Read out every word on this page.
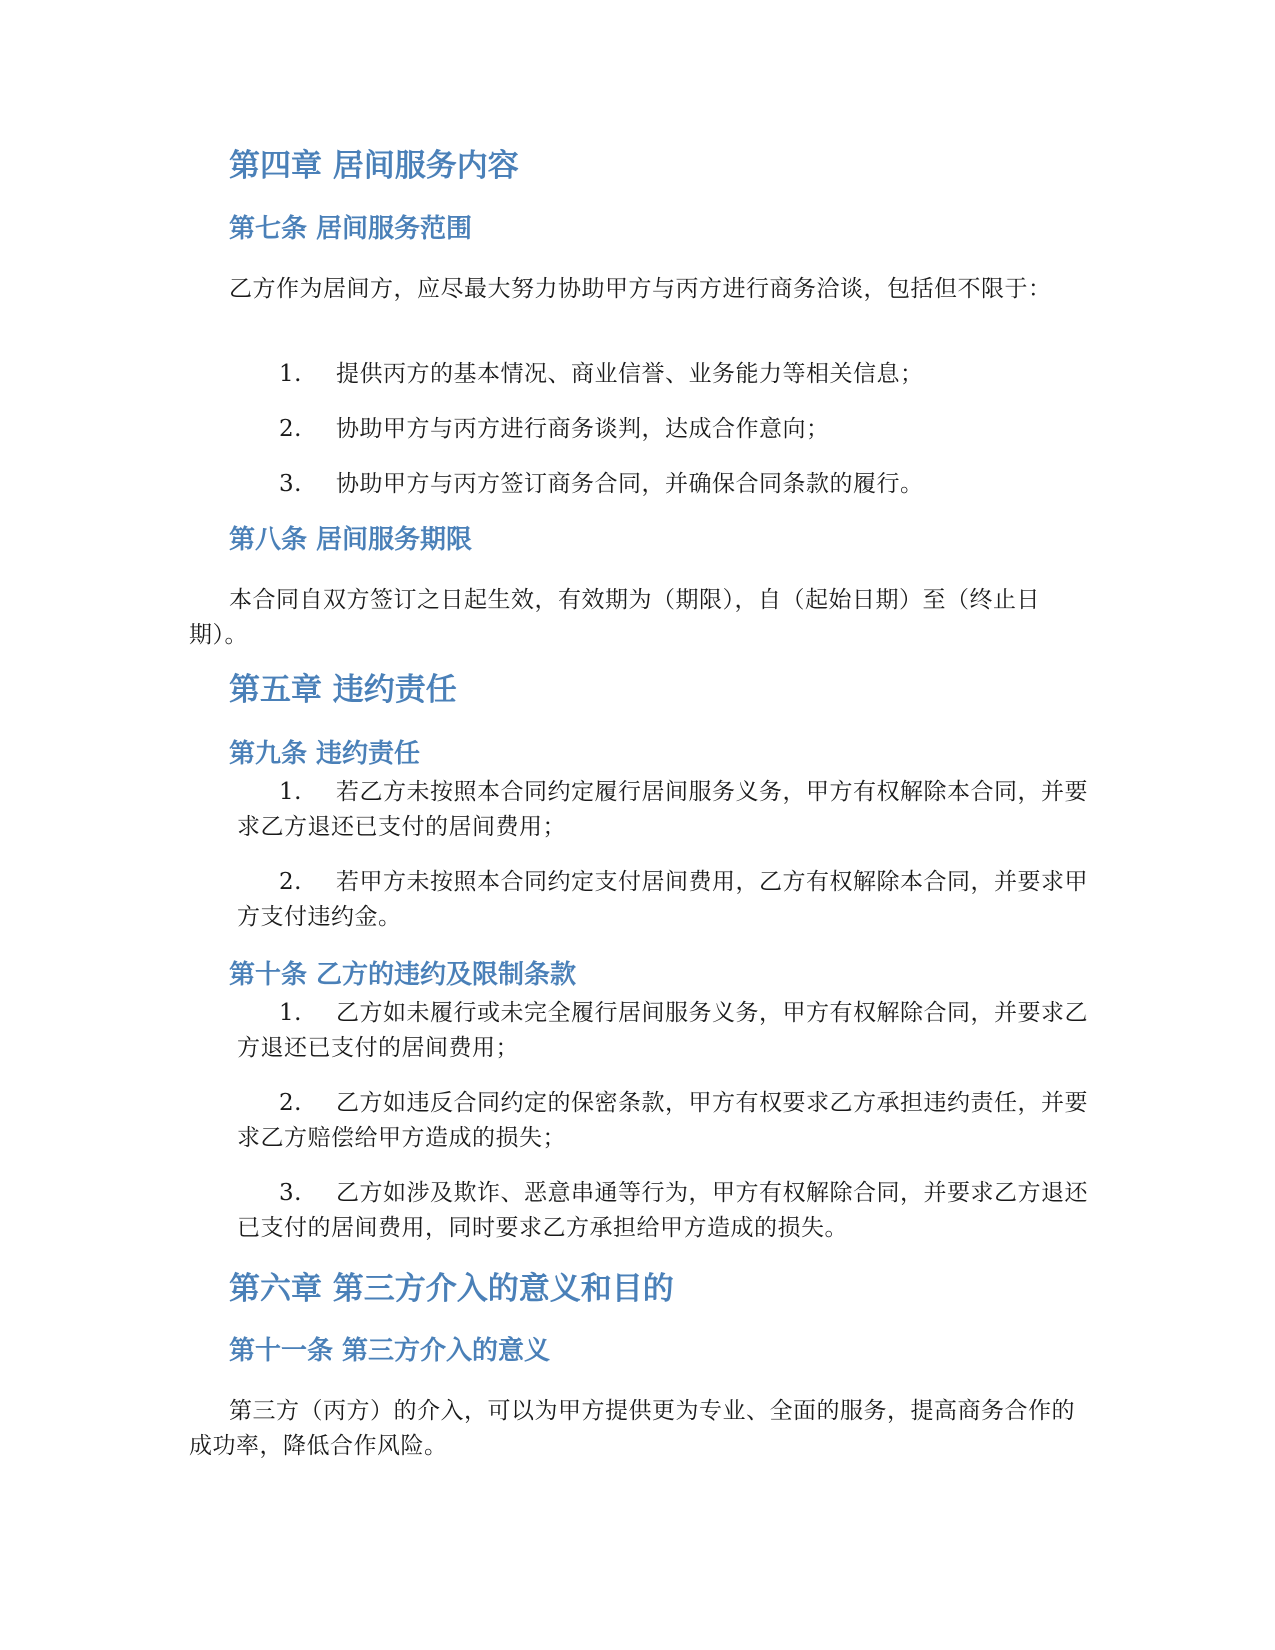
第四章 居间服务内容
第七条 居间服务范围

乙方作为居间方，应尽最大努力协助甲方与丙方进行商务洽谈，包括但不限于：

1. 提供丙方的基本情况、商业信誉、业务能力等相关信息；

2. 协助甲方与丙方进行商务谈判，达成合作意向；

3. 协助甲方与丙方签订商务合同，并确保合同条款的履行。

第八条 居间服务期限

本合同自双方签订之日起生效，有效期为（期限），自（起始日期）至（终止日期）。

第五章 违约责任
第九条 违约责任

1. 若乙方未按照本合同约定履行居间服务义务，甲方有权解除本合同，并要求乙方退还已支付的居间费用；

2. 若甲方未按照本合同约定支付居间费用，乙方有权解除本合同，并要求甲方支付违约金。

第十条 乙方的违约及限制条款

1. 乙方如未履行或未完全履行居间服务义务，甲方有权解除合同，并要求乙方退还已支付的居间费用；

2. 乙方如违反合同约定的保密条款，甲方有权要求乙方承担违约责任，并要求乙方赔偿给甲方造成的损失；

3. 乙方如涉及欺诈、恶意串通等行为，甲方有权解除合同，并要求乙方退还已支付的居间费用，同时要求乙方承担给甲方造成的损失。

第六章 第三方介入的意义和目的
第十一条 第三方介入的意义

第三方（丙方）的介入，可以为甲方提供更为专业、全面的服务，提高商务合作的成功率，降低合作风险。
